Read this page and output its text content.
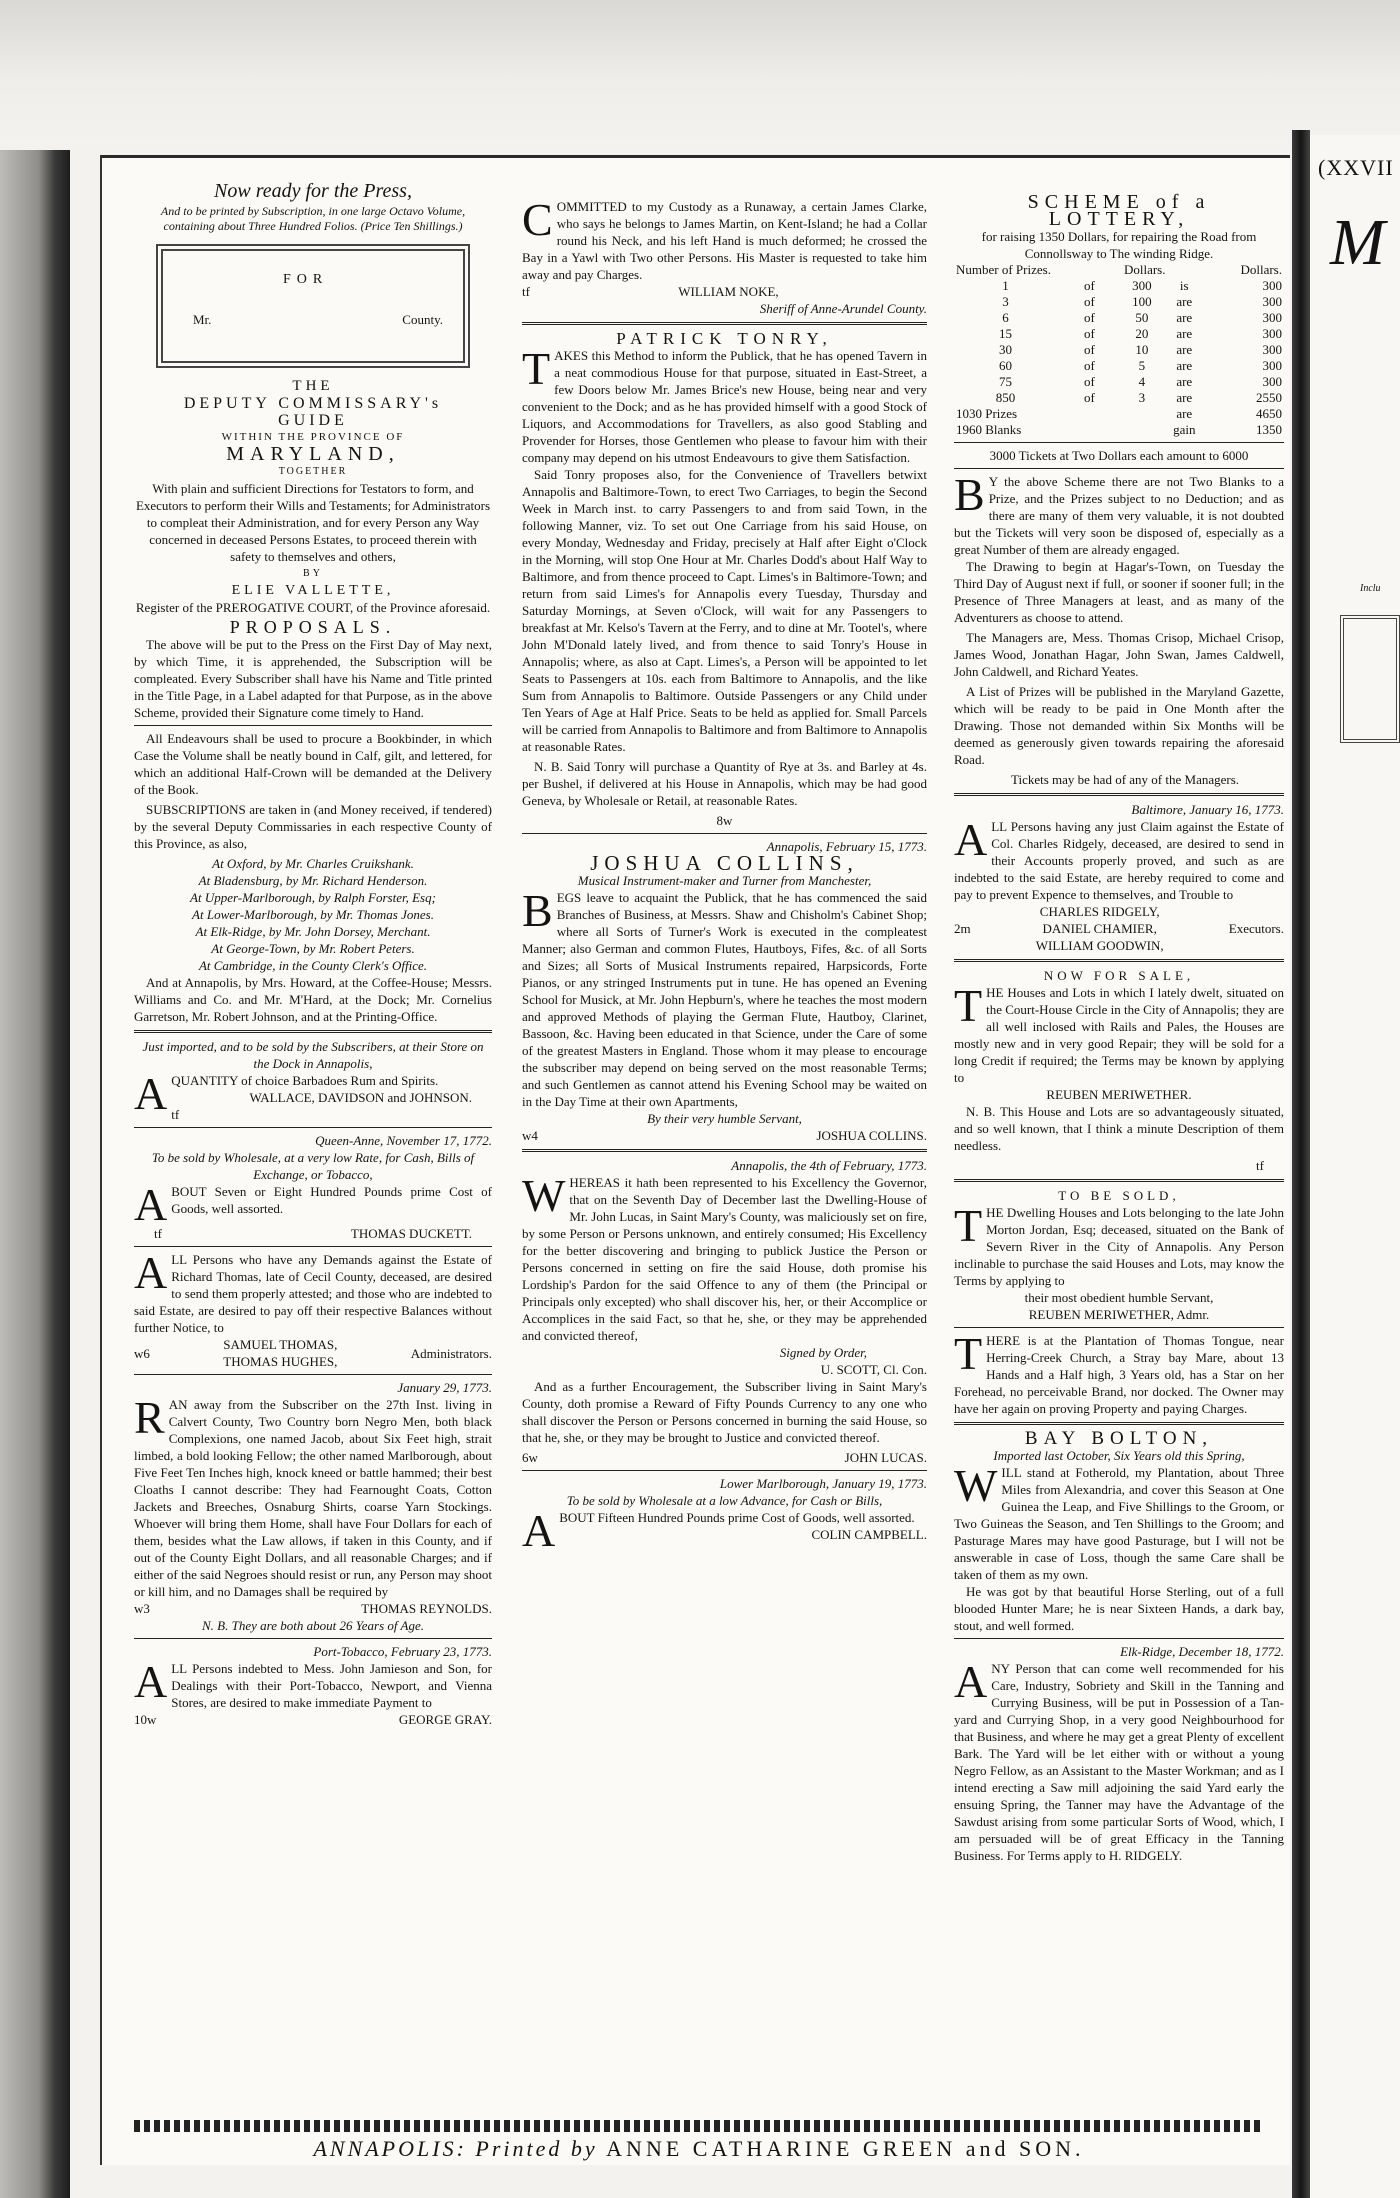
(XXVII
M
Inclu
Now ready for the Press,
And to be printed by Subscription, in one large Octavo Volume, containing about Three Hundred Folios. (Price Ten Shillings.)
FOR
Mr.	County.
THE
DEPUTY COMMISSARY's
GUIDE
WITHIN THE PROVINCE OF
MARYLAND,
TOGETHER
With plain and sufficient Directions for Testators to form, and Executors to perform their Wills and Testaments; for Administrators to compleat their Administration, and for every Person any Way concerned in deceased Persons Estates, to proceed therein with safety to themselves and others,
BY
ELIE VALLETTE,
Register of the PREROGATIVE COURT, of the Province aforesaid.
PROPOSALS.

The above will be put to the Press on the First Day of May next, by which Time, it is apprehended, the Subscription will be compleated. Every Subscriber shall have his Name and Title printed in the Title Page, in a Label adapted for that Purpose, as in the above Scheme, provided their Signature come timely to Hand.

All Endeavours shall be used to procure a Bookbinder, in which Case the Volume shall be neatly bound in Calf, gilt, and lettered, for which an additional Half-Crown will be demanded at the Delivery of the Book.

SUBSCRIPTIONS are taken in (and Money received, if tendered) by the several Deputy Commissaries in each respective County of this Province, as also,

At Oxford, by Mr. Charles Cruikshank.
At Bladensburg, by Mr. Richard Henderson.
At Upper-Marlborough, by Ralph Forster, Esq;
At Lower-Marlborough, by Mr. Thomas Jones.
At Elk-Ridge, by Mr. John Dorsey, Merchant.
At George-Town, by Mr. Robert Peters.
At Cambridge, in the County Clerk's Office.

And at Annapolis, by Mrs. Howard, at the Coffee-House; Messrs. Williams and Co. and Mr. M'Hard, at the Dock; Mr. Cornelius Garretson, Mr. Robert Johnson, and at the Printing-Office.

Just imported, and to be sold by the Subscribers, at their Store on the Dock in Annapolis,
AQUANTITY of choice Barbadoes Rum and Spirits.
WALLACE, DAVIDSON and JOHNSON.
tf
Queen-Anne, November 17, 1772.
To be sold by Wholesale, at a very low Rate, for Cash, Bills of Exchange, or Tobacco,
ABOUT Seven or Eight Hundred Pounds prime Cost of Goods, well assorted.
tf	THOMAS DUCKETT.
ALL Persons who have any Demands against the Estate of Richard Thomas, late of Cecil County, deceased, are desired to send them properly attested; and those who are indebted to said Estate, are desired to pay off their respective Balances without further Notice, to
w6
SAMUEL THOMAS,
THOMAS HUGHES,
Administrators.
January 29, 1773.
RAN away from the Subscriber on the 27th Inst. living in Calvert County, Two Country born Negro Men, both black Complexions, one named Jacob, about Six Feet high, strait limbed, a bold looking Fellow; the other named Marlborough, about Five Feet Ten Inches high, knock kneed or battle hammed; their best Cloaths I cannot describe: They had Fearnought Coats, Cotton Jackets and Breeches, Osnaburg Shirts, coarse Yarn Stockings. Whoever will bring them Home, shall have Four Dollars for each of them, besides what the Law allows, if taken in this County, and if out of the County Eight Dollars, and all reasonable Charges; and if either of the said Negroes should resist or run, any Person may shoot or kill him, and no Damages shall be required by
w3	THOMAS REYNOLDS.
N. B. They are both about 26 Years of Age.
Port-Tobacco, February 23, 1773.
ALL Persons indebted to Mess. John Jamieson and Son, for Dealings with their Port-Tobacco, Newport, and Vienna Stores, are desired to make immediate Payment to
10w	GEORGE GRAY.
COMMITTED to my Custody as a Runaway, a certain James Clarke, who says he belongs to James Martin, on Kent-Island; he had a Collar round his Neck, and his left Hand is much deformed; he crossed the Bay in a Yawl with Two other Persons. His Master is requested to take him away and pay Charges.
tf	WILLIAM NOKE,
Sheriff of Anne-Arundel County.
PATRICK TONRY,
TAKES this Method to inform the Publick, that he has opened Tavern in a neat commodious House for that purpose, situated in East-Street, a few Doors below Mr. James Brice's new House, being near and very convenient to the Dock; and as he has provided himself with a good Stock of Liquors, and Accommodations for Travellers, as also good Stabling and Provender for Horses, those Gentlemen who please to favour him with their company may depend on his utmost Endeavours to give them Satisfaction.

Said Tonry proposes also, for the Convenience of Travellers betwixt Annapolis and Baltimore-Town, to erect Two Carriages, to begin the Second Week in March inst. to carry Passengers to and from said Town, in the following Manner, viz. To set out One Carriage from his said House, on every Monday, Wednesday and Friday, precisely at Half after Eight o'Clock in the Morning, will stop One Hour at Mr. Charles Dodd's about Half Way to Baltimore, and from thence proceed to Capt. Limes's in Baltimore-Town; and return from said Limes's for Annapolis every Tuesday, Thursday and Saturday Mornings, at Seven o'Clock, will wait for any Passengers to breakfast at Mr. Kelso's Tavern at the Ferry, and to dine at Mr. Tootel's, where John M'Donald lately lived, and from thence to said Tonry's House in Annapolis; where, as also at Capt. Limes's, a Person will be appointed to let Seats to Passengers at 10s. each from Baltimore to Annapolis, and the like Sum from Annapolis to Baltimore. Outside Passengers or any Child under Ten Years of Age at Half Price. Seats to be held as applied for. Small Parcels will be carried from Annapolis to Baltimore and from Baltimore to Annapolis at reasonable Rates.

N. B. Said Tonry will purchase a Quantity of Rye at 3s. and Barley at 4s. per Bushel, if delivered at his House in Annapolis, which may be had good Geneva, by Wholesale or Retail, at reasonable Rates.

8w
Annapolis, February 15, 1773.
JOSHUA COLLINS,
Musical Instrument-maker and Turner from Manchester,
BEGS leave to acquaint the Publick, that he has commenced the said Branches of Business, at Messrs. Shaw and Chisholm's Cabinet Shop; where all Sorts of Turner's Work is executed in the compleatest Manner; also German and common Flutes, Hautboys, Fifes, &c. of all Sorts and Sizes; all Sorts of Musical Instruments repaired, Harpsicords, Forte Pianos, or any stringed Instruments put in tune. He has opened an Evening School for Musick, at Mr. John Hepburn's, where he teaches the most modern and approved Methods of playing the German Flute, Hautboy, Clarinet, Bassoon, &c. Having been educated in that Science, under the Care of some of the greatest Masters in England. Those whom it may please to encourage the subscriber may depend on being served on the most reasonable Terms; and such Gentlemen as cannot attend his Evening School may be waited on in the Day Time at their own Apartments,
By their very humble Servant,
w4	JOSHUA COLLINS.
Annapolis, the 4th of February, 1773.
WHEREAS it hath been represented to his Excellency the Governor, that on the Seventh Day of December last the Dwelling-House of Mr. John Lucas, in Saint Mary's County, was maliciously set on fire, by some Person or Persons unknown, and entirely consumed; His Excellency for the better discovering and bringing to publick Justice the Person or Persons concerned in setting on fire the said House, doth promise his Lordship's Pardon for the said Offence to any of them (the Principal or Principals only excepted) who shall discover his, her, or their Accomplice or Accomplices in the said Fact, so that he, she, or they may be apprehended and convicted thereof,
Signed by Order,
U. SCOTT, Cl. Con.

And as a further Encouragement, the Subscriber living in Saint Mary's County, doth promise a Reward of Fifty Pounds Currency to any one who shall discover the Person or Persons concerned in burning the said House, so that he, she, or they may be brought to Justice and convicted thereof.

6w	JOHN LUCAS.
Lower Marlborough, January 19, 1773.
To be sold by Wholesale at a low Advance, for Cash or Bills,
ABOUT Fifteen Hundred Pounds prime Cost of Goods, well assorted.
COLIN CAMPBELL.
SCHEME of a LOTTERY,
for raising 1350 Dollars, for repairing the Road from Connollsway to The winding Ridge.
Number of Prizes.		Dollars.		Dollars.
1	of	300	is	300
3	of	100	are	300
6	of	50	are	300
15	of	20	are	300
30	of	10	are	300
60	of	5	are	300
75	of	4	are	300
850	of	3	are	2550
1030 Prizes			are	4650
1960 Blanks			gain	1350
3000 Tickets at Two Dollars each amount to 6000
B Y the above Scheme there are not Two Blanks to a Prize, and the Prizes subject to no Deduction; and as there are many of them very valuable, it is not doubted but the Tickets will very soon be disposed of, especially as a great Number of them are already engaged.

The Drawing to begin at Hagar's-Town, on Tuesday the Third Day of August next if full, or sooner if sooner full; in the Presence of Three Managers at least, and as many of the Adventurers as choose to attend.

The Managers are, Mess. Thomas Crisop, Michael Crisop, James Wood, Jonathan Hagar, John Swan, James Caldwell, John Caldwell, and Richard Yeates.

A List of Prizes will be published in the Maryland Gazette, which will be ready to be paid in One Month after the Drawing. Those not demanded within Six Months will be deemed as generously given towards repairing the aforesaid Road.

Tickets may be had of any of the Managers.

Baltimore, January 16, 1773.
ALL Persons having any just Claim against the Estate of Col. Charles Ridgely, deceased, are desired to send in their Accounts properly proved, and such as are indebted to the said Estate, are hereby required to come and pay to prevent Expence to themselves, and Trouble to
2m
CHARLES RIDGELY,
DANIEL CHAMIER,
WILLIAM GOODWIN,
Executors.
NOW FOR SALE,
THE Houses and Lots in which I lately dwelt, situated on the Court-House Circle in the City of Annapolis; they are all well inclosed with Rails and Pales, the Houses are mostly new and in very good Repair; they will be sold for a long Credit if required; the Terms may be known by applying to
REUBEN MERIWETHER.

N. B. This House and Lots are so advantageously situated, and so well known, that I think a minute Description of them needless.

tf
TO BE SOLD,
THE Dwelling Houses and Lots belonging to the late John Morton Jordan, Esq; deceased, situated on the Bank of Severn River in the City of Annapolis. Any Person inclinable to purchase the said Houses and Lots, may know the Terms by applying to
their most obedient humble Servant,
REUBEN MERIWETHER, Admr.
THERE is at the Plantation of Thomas Tongue, near Herring-Creek Church, a Stray bay Mare, about 13 Hands and a Half high, 3 Years old, has a Star on her Forehead, no perceivable Brand, nor docked. The Owner may have her again on proving Property and paying Charges.
BAY BOLTON,
Imported last October, Six Years old this Spring,
WILL stand at Fotherold, my Plantation, about Three Miles from Alexandria, and cover this Season at One Guinea the Leap, and Five Shillings to the Groom, or Two Guineas the Season, and Ten Shillings to the Groom; and Pasturage Mares may have good Pasturage, but I will not be answerable in case of Loss, though the same Care shall be taken of them as my own.

He was got by that beautiful Horse Sterling, out of a full blooded Hunter Mare; he is near Sixteen Hands, a dark bay, stout, and well formed.

Elk-Ridge, December 18, 1772.
ANY Person that can come well recommended for his Care, Industry, Sobriety and Skill in the Tanning and Currying Business, will be put in Possession of a Tan-yard and Currying Shop, in a very good Neighbourhood for that Business, and where he may get a great Plenty of excellent Bark. The Yard will be let either with or without a young Negro Fellow, as an Assistant to the Master Workman; and as I intend erecting a Saw mill adjoining the said Yard early the ensuing Spring, the Tanner may have the Advantage of the Sawdust arising from some particular Sorts of Wood, which, I am persuaded will be of great Efficacy in the Tanning Business. For Terms apply to H. RIDGELY.
ANNAPOLIS: Printed by ANNE CATHARINE GREEN and SON.
